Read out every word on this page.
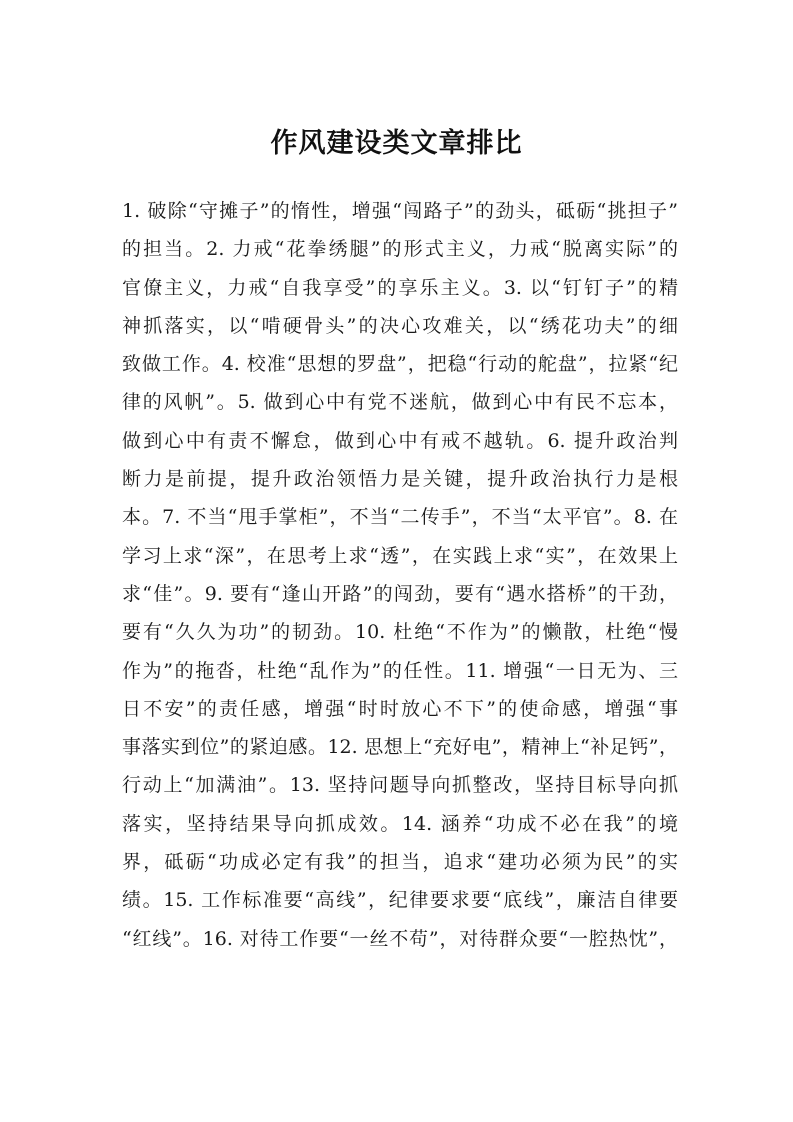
作风建设类文章排比
1. 破除“守摊子”的惰性，增强“闯路子”的劲头，砥砺“挑担子”
的担当。2. 力戒“花拳绣腿”的形式主义，力戒“脱离实际”的
官僚主义，力戒“自我享受”的享乐主义。3. 以“钉钉子”的精
神抓落实，以“啃硬骨头”的决心攻难关，以“绣花功夫”的细
致做工作。4. 校准“思想的罗盘”，把稳“行动的舵盘”，拉紧“纪
律的风帆”。5. 做到心中有党不迷航，做到心中有民不忘本，
做到心中有责不懈怠，做到心中有戒不越轨。6. 提升政治判
断力是前提，提升政治领悟力是关键，提升政治执行力是根
本。7. 不当“甩手掌柜”，不当“二传手”，不当“太平官”。8. 在
学习上求“深”，在思考上求“透”，在实践上求“实”，在效果上
求“佳”。9. 要有“逢山开路”的闯劲，要有“遇水搭桥”的干劲，
要有“久久为功”的韧劲。10. 杜绝“不作为”的懒散，杜绝“慢
作为”的拖沓，杜绝“乱作为”的任性。11. 增强“一日无为、三
日不安”的责任感，增强“时时放心不下”的使命感，增强“事
事落实到位”的紧迫感。12. 思想上“充好电”，精神上“补足钙”，
行动上“加满油”。13. 坚持问题导向抓整改，坚持目标导向抓
落实，坚持结果导向抓成效。14. 涵养“功成不必在我”的境
界，砥砺“功成必定有我”的担当，追求“建功必须为民”的实
绩。15. 工作标准要“高线”，纪律要求要“底线”，廉洁自律要
“红线”。16. 对待工作要“一丝不苟”，对待群众要“一腔热忱”，
